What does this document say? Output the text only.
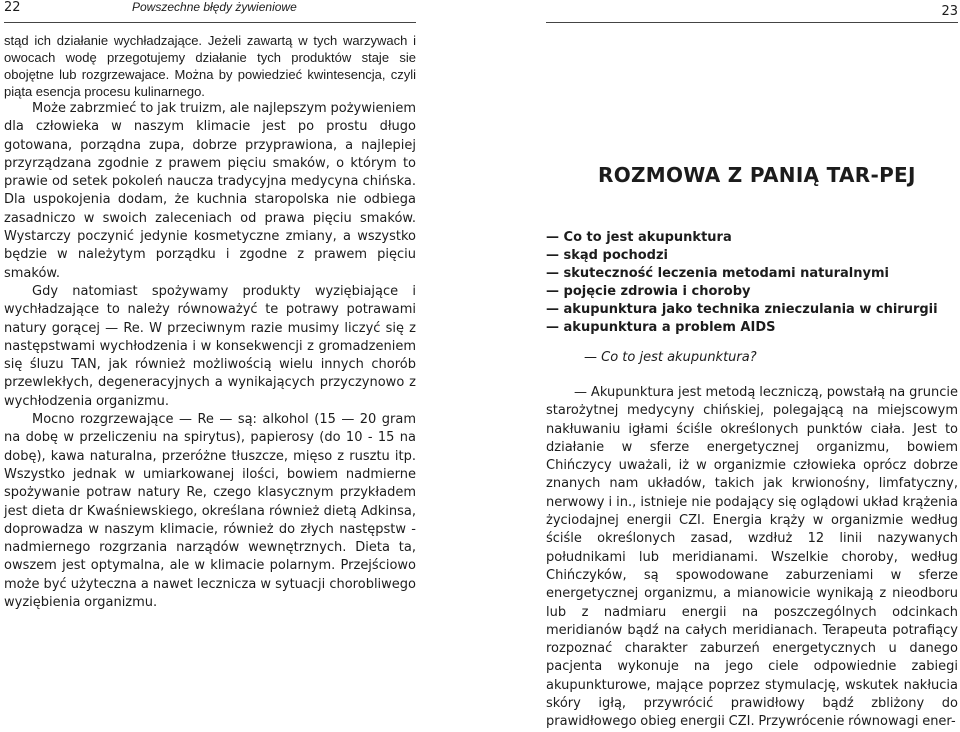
22	Powszechne błędy żywieniowe

stąd ich działanie wychładzające. Jeżeli zawartą w tych warzywach i owocach wodę przegotujemy działanie tych produktów staje sie obojętne lub rozgrzewajace. Można by powiedzieć kwintesencja, czyli piąta esencja procesu kulinarnego.

Może zabrzmieć to jak truizm, ale najlepszym pożywieniem dla człowieka w naszym klimacie jest po prostu długo gotowana, porządna zupa, dobrze przyprawiona, a najlepiej przyrządzana zgodnie z prawem pięciu smaków, o którym to prawie od setek pokoleń naucza tradycyjna medycyna chińska. Dla uspokojenia dodam, że kuchnia staropolska nie odbiega zasadniczo w swoich zaleceniach od prawa pięciu smaków. Wystarczy poczynić jedynie kosmetyczne zmiany, a wszystko będzie w należytym porządku i zgodne z prawem pięciu smaków.

Gdy natomiast spożywamy produkty wyziębiające i wychładzające to należy równoważyć te potrawy potrawami natury gorącej — Re. W przeciwnym razie musimy liczyć się z następstwami wychłodzenia i w konsekwencji z gromadzeniem się śluzu TAN, jak również możliwością wielu innych chorób przewlekłych, degeneracyjnych a wynikających przyczynowo z wychłodzenia organizmu.

Mocno rozgrzewające — Re — są: alkohol (15 — 20 gram na dobę w przeliczeniu na spirytus), papierosy (do 10 - 15 na dobę), kawa naturalna, przeróżne tłuszcze, mięso z rusztu itp. Wszystko jednak w umiarkowanej ilości, bowiem nadmierne spożywanie potraw natury Re, czego klasycznym przykładem jest dieta dr Kwaśniewskiego, określana również dietą Adkinsa, doprowadza w naszym klimacie, również do złych następstw - nadmiernego rozgrzania narządów wewnętrznych. Dieta ta, owszem jest optymalna, ale w klimacie polarnym. Przejściowo może być użyteczna a nawet lecznicza w sytuacji chorobliwego wyziębienia organizmu.

23
ROZMOWA Z PANIĄ TAR-PEJ
— Co to jest akupunktura
— skąd pochodzi
— skuteczność leczenia metodami naturalnymi
— pojęcie zdrowia i choroby
— akupunktura jako technika znieczulania w chirurgii
— akupunktura a problem AIDS
— Co to jest akupunktura?

— Akupunktura jest metodą leczniczą, powstałą na gruncie starożytnej medycyny chińskiej, polegającą na miejscowym nakłuwaniu igłami ściśle określonych punktów ciała. Jest to działanie w sferze energetycznej organizmu, bowiem Chińczycy uważali, iż w organizmie człowieka oprócz dobrze znanych nam układów, takich jak krwionośny, limfatyczny, nerwowy i in., istnieje nie podający się oglądowi układ krążenia życiodajnej energii CZI. Energia krąży w organizmie według ściśle określonych zasad, wzdłuż 12 linii nazywanych południkami lub meridianami. Wszelkie choroby, według Chińczyków, są spowodowane zaburzeniami w sferze energetycznej organizmu, a mianowicie wynikają z nieodboru lub z nadmiaru energii na poszczególnych odcinkach meridianów bądź na całych meridianach. Terapeuta potrafiący rozpoznać charakter zaburzeń energetycznych u danego pacjenta wykonuje na jego ciele odpowiednie zabiegi akupunkturowe, mające poprzez stymulację, wskutek nakłucia skóry igłą, przywrócić prawidłowy bądź zbliżony do prawidłowego obieg energii CZI. Przywrócenie równowagi ener-
